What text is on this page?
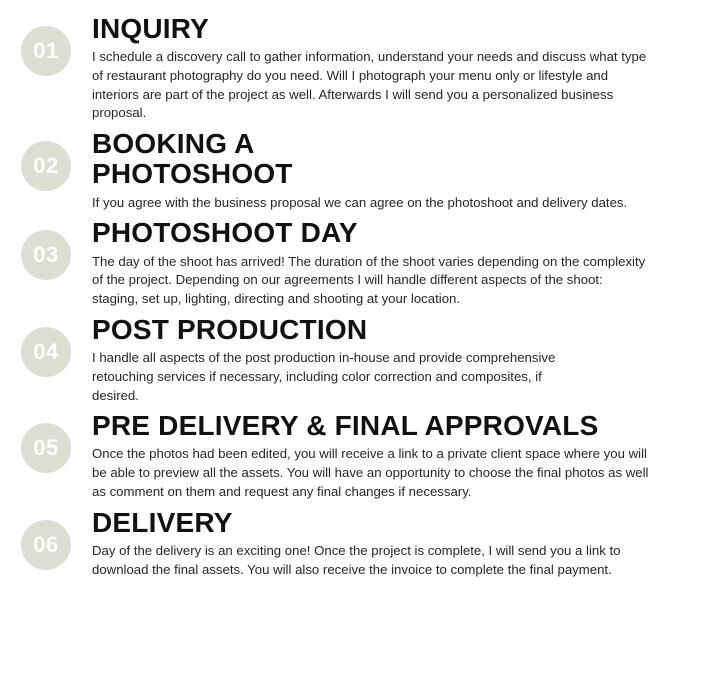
01
INQUIRY

I schedule a discovery call to gather information, understand your needs and discuss what type of restaurant photography do you need. Will I photograph your menu only or lifestyle and interiors are part of the project as well. Afterwards I will send you a personalized business proposal.

02
BOOKING A PHOTOSHOOT

If you agree with the business proposal we can agree on the photoshoot and delivery dates.

03
PHOTOSHOOT DAY

The day of the shoot has arrived! The duration of the shoot varies depending on the complexity of the project. Depending on our agreements I will handle different aspects of the shoot: staging, set up, lighting, directing and shooting at your location.

04
POST PRODUCTION

I handle all aspects of the post production in-house and provide comprehensive retouching services if necessary, including color correction and composites, if desired.

05
PRE DELIVERY & FINAL APPROVALS

Once the photos had been edited, you will receive a link to a private client space where you will be able to preview all the assets. You will have an opportunity to choose the final photos as well as comment on them and request any final changes if necessary.

06
DELIVERY

Day of the delivery is an exciting one! Once the project is complete, I will send you a link to download the final assets. You will also receive the invoice to complete the final payment.
